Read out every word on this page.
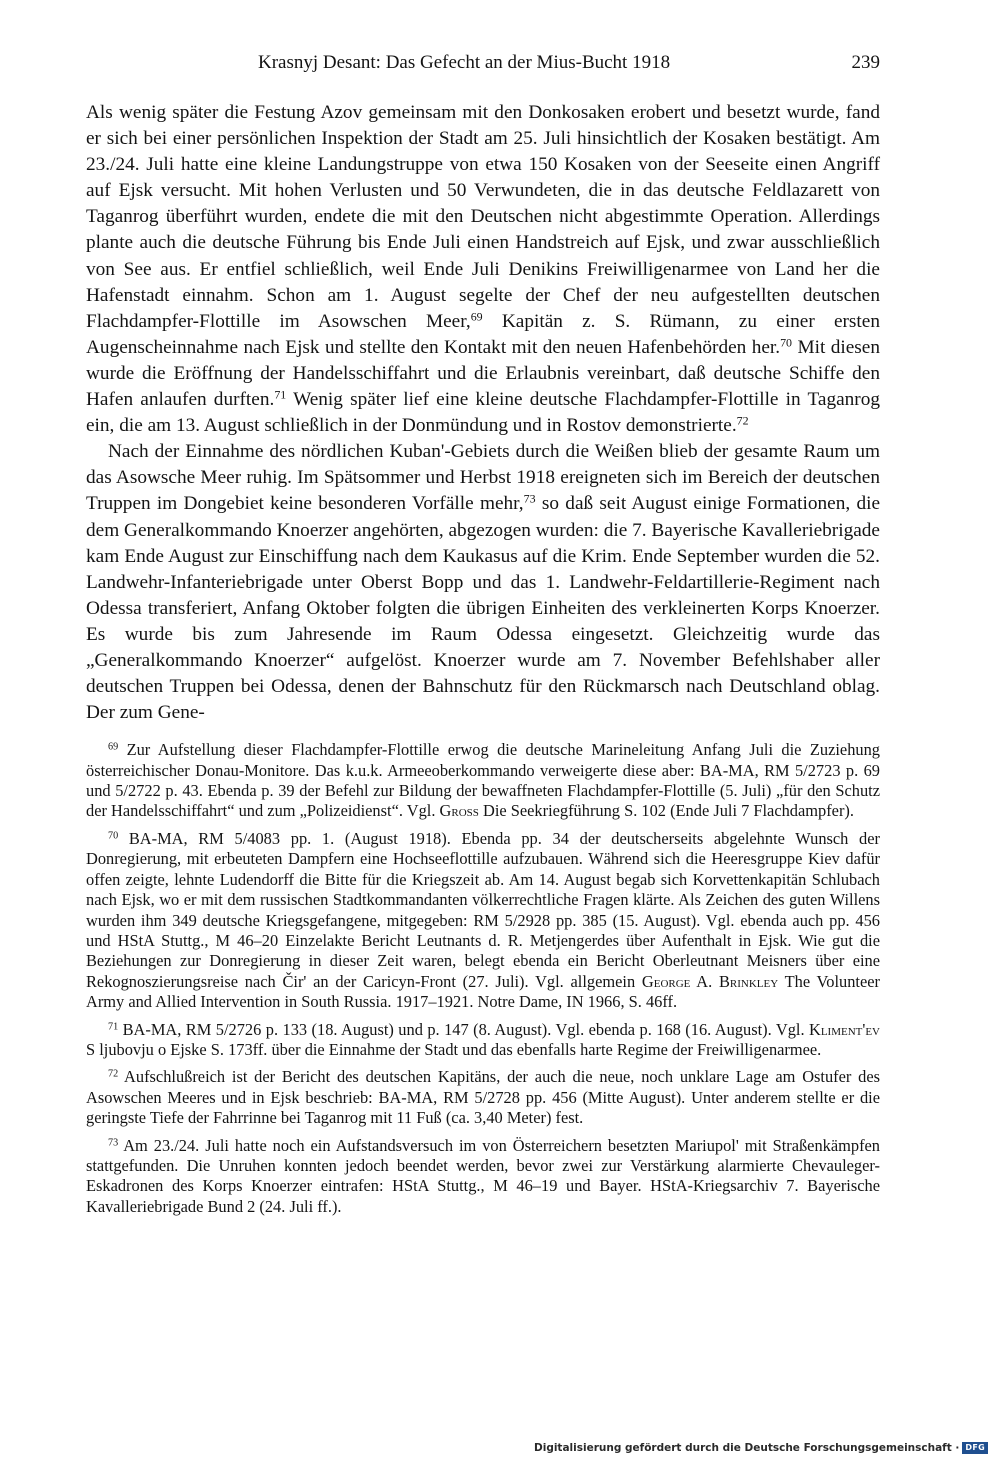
Krasnyj Desant: Das Gefecht an der Mius-Bucht 1918	239

Als wenig später die Festung Azov gemeinsam mit den Donkosaken erobert und besetzt wurde, fand er sich bei einer persönlichen Inspektion der Stadt am 25. Juli hinsichtlich der Kosaken bestätigt. Am 23./24. Juli hatte eine kleine Landungstruppe von etwa 150 Kosaken von der Seeseite einen Angriff auf Ejsk versucht. Mit hohen Verlusten und 50 Verwundeten, die in das deutsche Feldlazarett von Taganrog überführt wurden, endete die mit den Deutschen nicht abgestimmte Operation. Allerdings plante auch die deutsche Führung bis Ende Juli einen Handstreich auf Ejsk, und zwar ausschließlich von See aus. Er entfiel schließlich, weil Ende Juli Denikins Freiwilligenarmee von Land her die Hafenstadt einnahm. Schon am 1. August segelte der Chef der neu aufgestellten deutschen Flachdampfer-Flottille im Asowschen Meer,$^{69}$ Kapitän z. S. Rümann, zu einer ersten Augenscheinnahme nach Ejsk und stellte den Kontakt mit den neuen Hafenbehörden her.$^{70}$ Mit diesen wurde die Eröffnung der Handelsschiffahrt und die Erlaubnis vereinbart, daß deutsche Schiffe den Hafen anlaufen durften.$^{71}$ Wenig später lief eine kleine deutsche Flachdampfer-Flottille in Taganrog ein, die am 13. August schließlich in der Donmündung und in Rostov demonstrierte.$^{72}$

Nach der Einnahme des nördlichen Kuban'-Gebiets durch die Weißen blieb der gesamte Raum um das Asowsche Meer ruhig. Im Spätsommer und Herbst 1918 ereigneten sich im Bereich der deutschen Truppen im Dongebiet keine besonderen Vorfälle mehr,$^{73}$ so daß seit August einige Formationen, die dem Generalkommando Knoerzer angehörten, abgezogen wurden: die 7. Bayerische Kavalleriebrigade kam Ende August zur Einschiffung nach dem Kaukasus auf die Krim. Ende September wurden die 52. Landwehr-Infanteriebrigade unter Oberst Bopp und das 1. Landwehr-Feldartillerie-Regiment nach Odessa transferiert, Anfang Oktober folgten die übrigen Einheiten des verkleinerten Korps Knoerzer. Es wurde bis zum Jahresende im Raum Odessa eingesetzt. Gleichzeitig wurde das „Generalkommando Knoerzer“ aufgelöst. Knoerzer wurde am 7. November Befehlshaber aller deutschen Truppen bei Odessa, denen der Bahnschutz für den Rückmarsch nach Deutschland oblag. Der zum Gene-

$^{69}$ Zur Aufstellung dieser Flachdampfer-Flottille erwog die deutsche Marineleitung Anfang Juli die Zuziehung österreichischer Donau-Monitore. Das k.u.k. Armeeoberkommando verweigerte diese aber: BA-MA, RM 5/2723 p. 69 und 5/2722 p. 43. Ebenda p. 39 der Befehl zur Bildung der bewaffneten Flachdampfer-Flottille (5. Juli) „für den Schutz der Handelsschiffahrt“ und zum „Polizeidienst“. Vgl. Gross Die Seekriegführung S. 102 (Ende Juli 7 Flachdampfer).

$^{70}$ BA-MA, RM 5/4083 pp. 1. (August 1918). Ebenda pp. 34 der deutscherseits abgelehnte Wunsch der Donregierung, mit erbeuteten Dampfern eine Hochseeflottille aufzubauen. Während sich die Heeresgruppe Kiev dafür offen zeigte, lehnte Ludendorff die Bitte für die Kriegszeit ab. Am 14. August begab sich Korvettenkapitän Schlubach nach Ejsk, wo er mit dem russischen Stadtkommandanten völkerrechtliche Fragen klärte. Als Zeichen des guten Willens wurden ihm 349 deutsche Kriegsgefangene, mitgegeben: RM 5/2928 pp. 385 (15. August). Vgl. ebenda auch pp. 456 und HStA Stuttg., M 46–20 Einzelakte Bericht Leutnants d. R. Metjengerdes über Aufenthalt in Ejsk. Wie gut die Beziehungen zur Donregierung in dieser Zeit waren, belegt ebenda ein Bericht Oberleutnant Meisners über eine Rekognoszierungsreise nach Čir' an der Caricyn-Front (27. Juli). Vgl. allgemein George A. Brinkley The Volunteer Army and Allied Intervention in South Russia. 1917–1921. Notre Dame, IN 1966, S. 46ff.

$^{71}$ BA-MA, RM 5/2726 p. 133 (18. August) und p. 147 (8. August). Vgl. ebenda p. 168 (16. August). Vgl. Kliment'ev S ljubovju o Ejske S. 173ff. über die Einnahme der Stadt und das ebenfalls harte Regime der Freiwilligenarmee.

$^{72}$ Aufschlußreich ist der Bericht des deutschen Kapitäns, der auch die neue, noch unklare Lage am Ostufer des Asowschen Meeres und in Ejsk beschrieb: BA-MA, RM 5/2728 pp. 456 (Mitte August). Unter anderem stellte er die geringste Tiefe der Fahrrinne bei Taganrog mit 11 Fuß (ca. 3,40 Meter) fest.

$^{73}$ Am 23./24. Juli hatte noch ein Aufstandsversuch im von Österreichern besetzten Mariupol' mit Straßenkämpfen stattgefunden. Die Unruhen konnten jedoch beendet werden, bevor zwei zur Verstärkung alarmierte Chevauleger-Eskadronen des Korps Knoerzer eintrafen: HStA Stuttg., M 46–19 und Bayer. HStA-Kriegsarchiv 7. Bayerische Kavalleriebrigade Bund 2 (24. Juli ff.).

Digitalisierung gefördert durch die Deutsche Forschungsgemeinschaft · DFG
